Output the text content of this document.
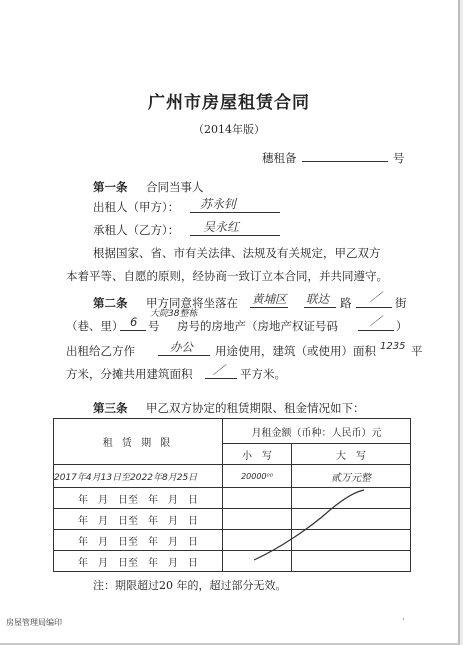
广州市房屋租赁合同
（2014年版）
穗租备	号
第一条 合同当事人
出租人（甲方）： 苏永钊
承租人（乙方）： 吴永红
根据国家、省、市有关法律、法规及有关规定，甲乙双方
本着平等、自愿的原则，经协商一致订立本合同，并共同遵守。
第二条 甲方同意将坐落在 黄埔区 联达 路 ／ 街
（巷、里） 6 号
大院38整栋
房号的房地产（房地产权证号码	／ ）
出租给乙方作	办公 用途使用，建筑（或使用）面积 1235 平
方米，分摊共用建筑面积 ／ 平方米。
第三条 甲乙双方协定的租赁期限、租金情况如下：
租 赁 期 限	月租金额（币种：人民币）元	
	小　写	大　写
2017年4月13日至2022年8月25日	20000⁰⁰	贰万元整
年　月　日至　年　月　日		
年　月　日至　年　月　日		
年　月　日至　年　月　日		
年　月　日至　年　月　日		
注：期限超过20 年的，超过部分无效。
房屋管理局编印	·
